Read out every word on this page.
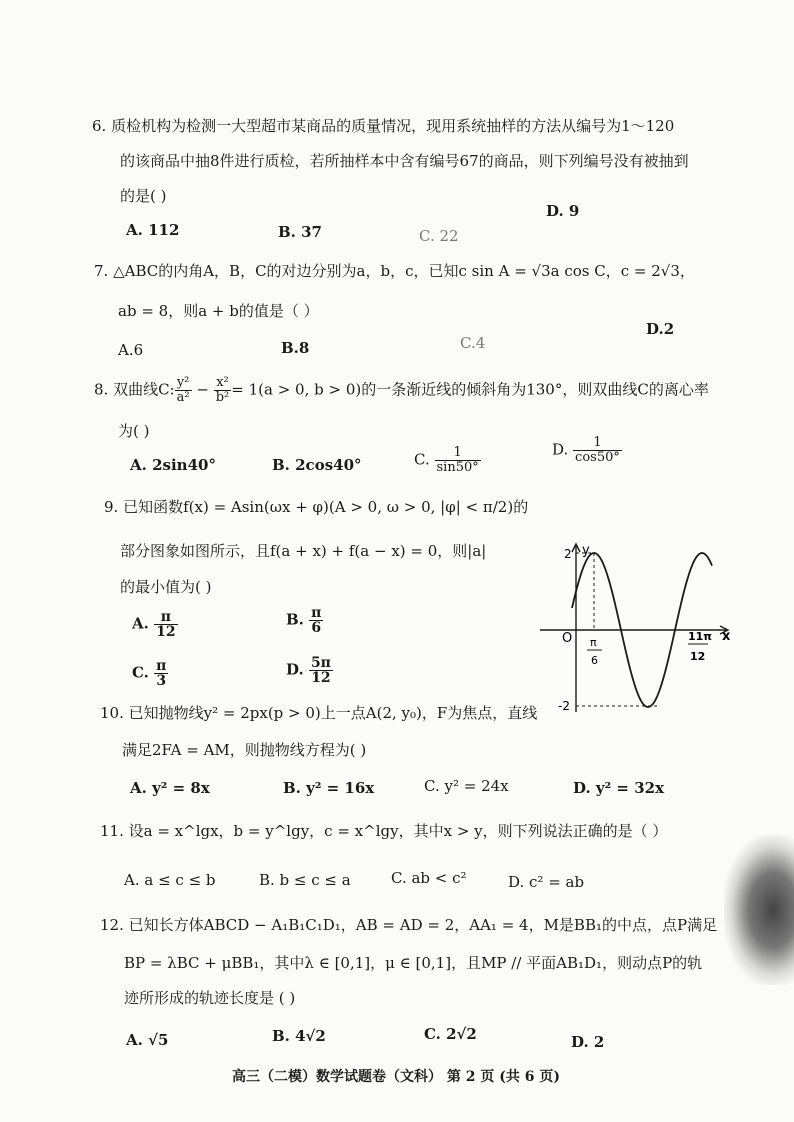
6. 质检机构为检测一大型超市某商品的质量情况，现用系统抽样的方法从编号为1～120
的该商品中抽8件进行质检，若所抽样本中含有编号67的商品，则下列编号没有被抽到
的是( )
A. 112	B. 37	C. 22
D. 9
7. △ABC的内角A，B，C的对边分别为a，b，c，已知c sin A = √3a cos C，c = 2√3，
ab = 8，则a + b的值是（ ）
A.6	B.8	C.4
D.2
8. 双曲线C: $\frac{\text{y²}}{\text{a²}} - \frac{\text{x²}}{\text{b²}} = 1(a > 0$, b > 0)的一条渐近线的倾斜角为130°，则双曲线C的离心率
为( )
A. 2sin40°	B. 2cos40°	C. $\frac{1}{\sin 50^\circ}$	D. $\frac{1}{\cos 50^\circ}$
9. 已知函数f(x) = Asin(ωx + φ)(A > 0, ω > 0, |φ| < π/2)的
部分图象如图所示，且f(a + x) + f(a − x) = 0，则|a|
的最小值为( )
A. $\frac{\pi}{12}$	B. $\frac{\pi}{6}$
C. $\frac{\pi}{3}$	D. $\frac{5\pi}{12}$
y
x
O
2
-2
π
6
11π
12
10. 已知抛物线y² = 2px(p > 0)上一点A(2, y₀)，F为焦点，直线
满足2FA = AM，则抛物线方程为( )
A. y² = 8x	B. y² = 16x	C. y² = 24x	D. y² = 32x
11. 设a = x^lgx，b = y^lgy，c = x^lgy，其中x > y，则下列说法正确的是（ ）
A. a ≤ c ≤ b	B. b ≤ c ≤ a	C. ab < c²	D. c² = ab
12. 已知长方体ABCD − A₁B₁C₁D₁，AB = AD = 2，AA₁ = 4，M是BB₁的中点，点P满足
BP = λBC + μBB₁，其中λ ∈ [0,1]，μ ∈ [0,1]，且MP // 平面AB₁D₁，则动点P的轨
迹所形成的轨迹长度是 ( )
A. √5	B. 4√2	C. 2√2	D. 2
高三（二模）数学试题卷（文科） 第 2 页 (共 6 页)
